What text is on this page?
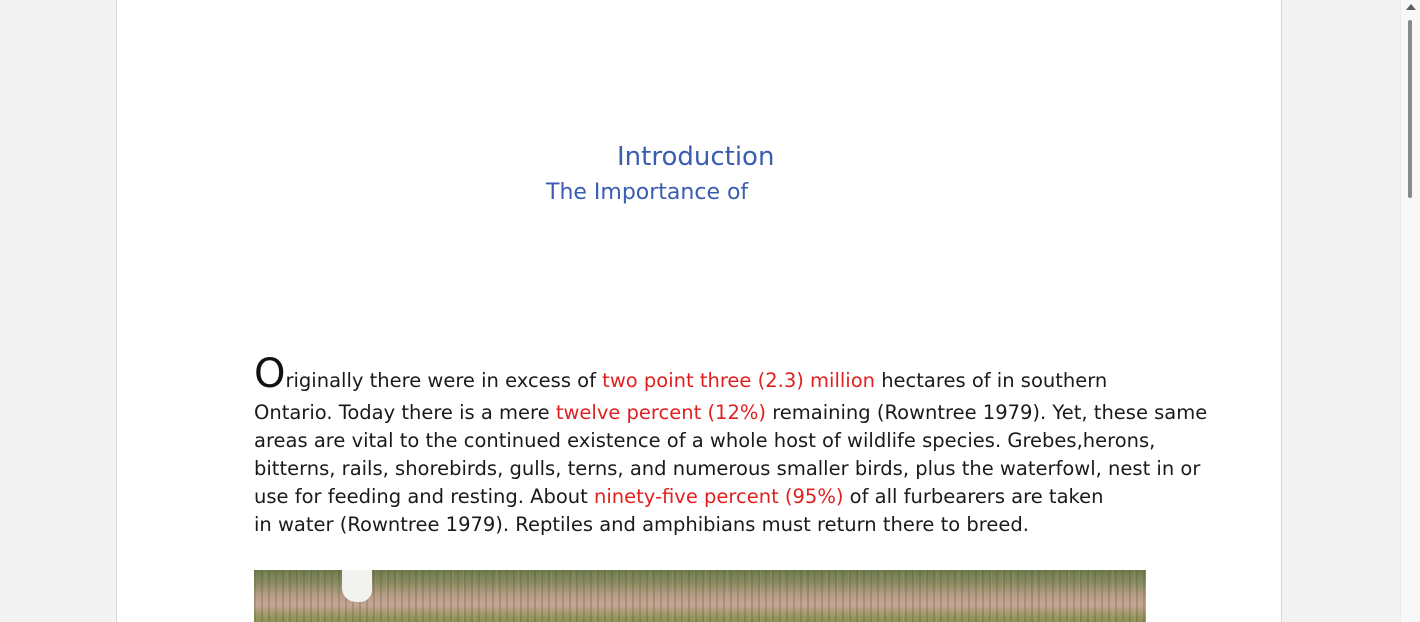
Introduction
The Importance of
Originally there were in excess of two point three (2.3) million hectares of in southern
Ontario. Today there is a mere twelve percent (12%) remaining (Rowntree 1979). Yet, these same
areas are vital to the continued existence of a whole host of wildlife species. Grebes,herons,
bitterns, rails, shorebirds, gulls, terns, and numerous smaller birds, plus the waterfowl, nest in or
use for feeding and resting. About ninety-five percent (95%) of all furbearers are taken
in water (Rowntree 1979). Reptiles and amphibians must return there to breed.
